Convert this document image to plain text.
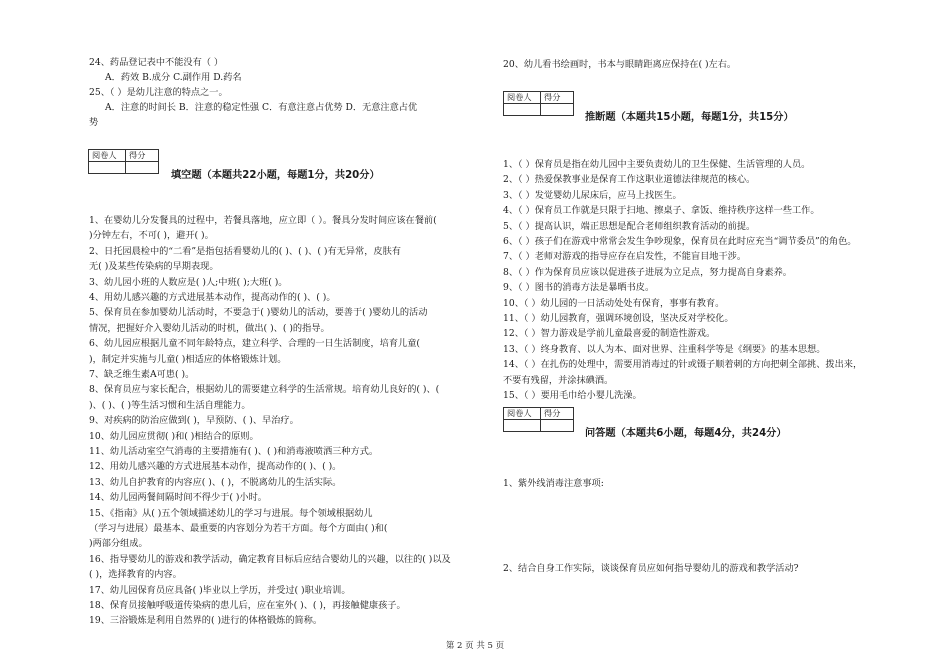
24、药品登记表中不能没有（ ）
A．药效 B.成分 C.副作用 D.药名
25、（ ）是幼儿注意的特点之一。
A．注意的时间长 B．注意的稳定性强 C．有意注意占优势 D．无意注意占优
势
阅卷人	得分

填空题（本题共22小题，每题1分，共20分）
1、在婴幼儿分发餐具的过程中，若餐具落地，应立即（ ）。餐具分发时间应该在餐前(
)分钟左右，不可( )，避开( )。
2、日托园晨检中的“二看”是指包括看婴幼儿的( )、( )、( )有无异常，皮肤有
无( )及某些传染病的早期表现。
3、幼儿园小班的人数应是( )人;中班( );大班( )。
4、用幼儿感兴趣的方式进展基本动作，提高动作的( )、( )。
5、保育员在参加婴幼儿活动时，不要急于( )婴幼儿的活动，要善于( )婴幼儿的活动
情况，把握好介入婴幼儿活动的时机，做出( )、( )的指导。
6、幼儿园应根据儿童不同年龄特点，建立科学、合理的一日生活制度，培育儿童(
)，制定并实施与儿童( )相适应的体格锻炼计划。
7、缺乏维生素A可患( )。
8、保育员应与家长配合，根据幼儿的需要建立科学的生活常规。培育幼儿良好的( )、(
)、( )、( )等生活习惯和生活自理能力。
9、对疾病的防治应做到( )，早预防、( )、早治疗。
10、幼儿园应贯彻( )和( )相结合的原则。
11、幼儿活动室空气消毒的主要措施有( )、( )和消毒液喷洒三种方式。
12、用幼儿感兴趣的方式进展基本动作，提高动作的( )、( )。
13、幼儿自护教育的内容应( )、( )，不脱离幼儿的生活实际。
14、幼儿园两餐间隔时间不得少于( )小时。
15、《指南》从( )五个领域描述幼儿的学习与进展。每个领域根据幼儿
（学习与进展）最基本、最重要的内容划分为若干方面。每个方面由( )和(
)两部分组成。
16、指导婴幼儿的游戏和教学活动，确定教育目标后应结合婴幼儿的兴趣，以往的( )以及
( )，选择教育的内容。
17、幼儿园保育员应具备( )毕业以上学历，并受过( )职业培训。
18、保育员接触呼吸道传染病的患儿后，应在室外( )、( )，再接触健康孩子。
19、三浴锻炼是利用自然界的( )进行的体格锻炼的简称。
20、幼儿看书绘画时，书本与眼睛距离应保持在( )左右。
阅卷人	得分

推断题（本题共15小题，每题1分，共15分）
1、（ ）保育员是指在幼儿园中主要负责幼儿的卫生保健、生活管理的人员。
2、（ ）热爱保教事业是保育工作这职业道德法律规范的核心。
3、（ ）发觉婴幼儿尿床后，应马上找医生。
4、（ ）保育员工作就是只限于扫地、擦桌子、拿饭、维持秩序这样一些工作。
5、（ ）提高认识，端正思想是配合老师组织教育活动的前提。
6、（ ）孩子们在游戏中常常会发生争吵现象，保育员在此时应充当“调节委员”的角色。
7、（ ）老师对游戏的指导应存在启发性，不能盲目地干涉。
8、（ ）作为保育员应该以促进孩子进展为立足点，努力提高自身素养。
9、（ ）图书的消毒方法是暴晒书皮。
10、（ ）幼儿园的一日活动处处有保育，事事有教育。
11、（ ）幼儿园教育，强调环境创设，坚决反对学校化。
12、（ ）智力游戏是学前儿童最喜爱的制造性游戏。
13、（ ）终身教育、以人为本、面对世界、注重科学等是《纲要》的基本思想。
14、（ ）在扎伤的处理中，需要用消毒过的针或镊子顺着刺的方向把刺全部挑、拨出来，
不要有残留，并涂抹碘酒。
15、（ ）要用毛巾给小婴儿洗澡。
阅卷人	得分

问答题（本题共6小题，每题4分，共24分）
1、紫外线消毒注意事项:
2、结合自身工作实际，谈谈保育员应如何指导婴幼儿的游戏和教学活动?
第 2 页 共 5 页
